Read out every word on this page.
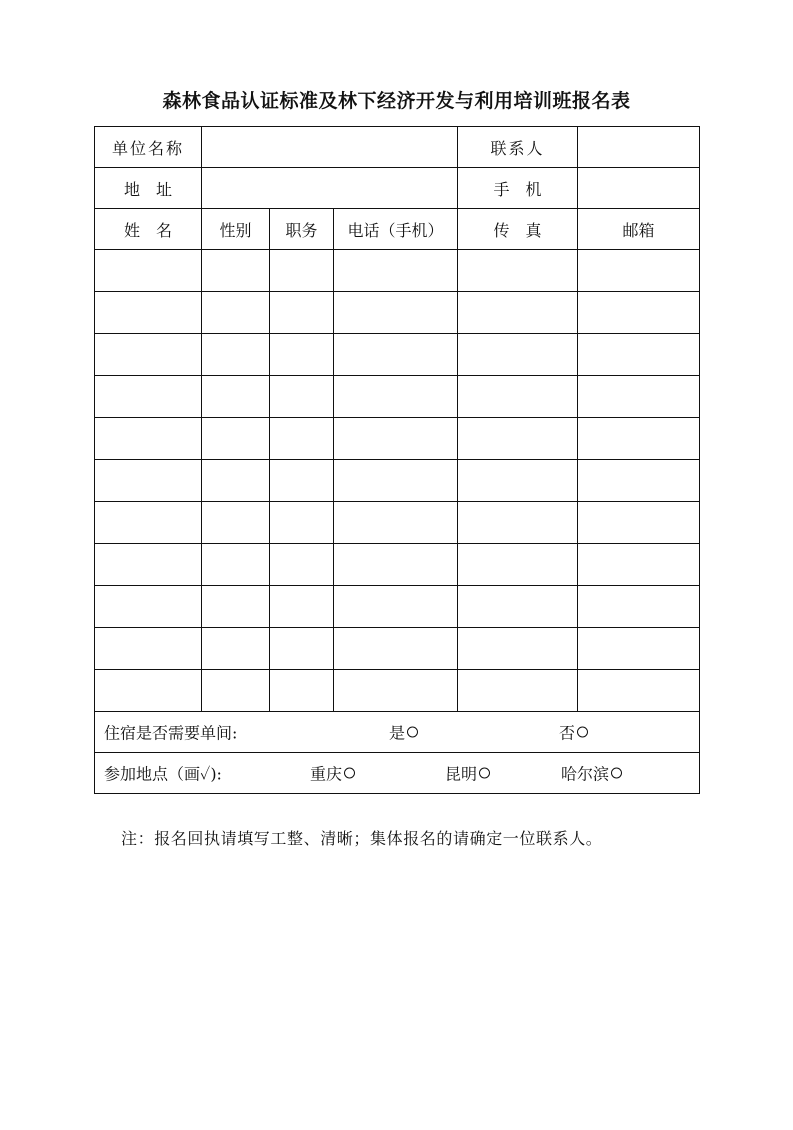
森林食品认证标准及林下经济开发与利用培训班报名表
单位名称				联系人	
地　址				手　机	
姓　名	性别	职务	电话（手机）	传　真	邮箱

住宿是否需要单间: 是 否					

参加地点（画✓): 重庆 昆明 哈尔滨					
注：报名回执请填写工整、清晰；集体报名的请确定一位联系人。
